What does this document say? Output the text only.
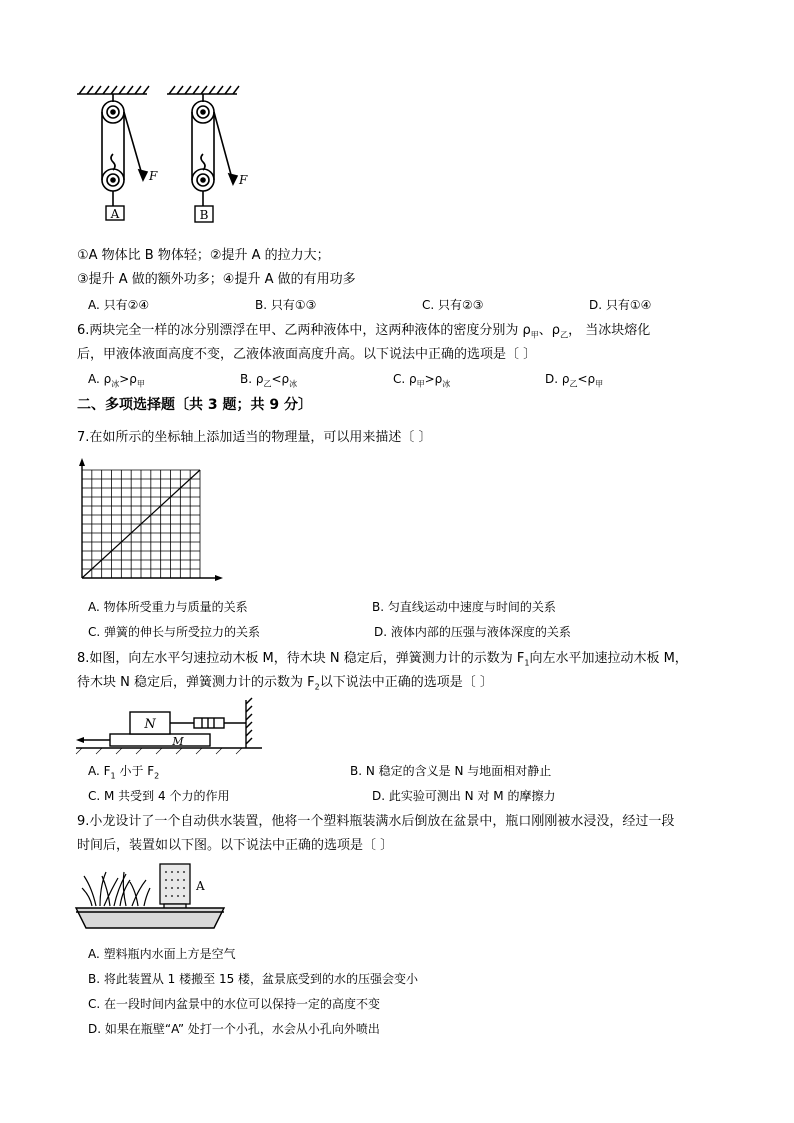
A
F
B
F
①A 物体比 B 物体轻；②提升 A 的拉力大；
③提升 A 做的额外功多；④提升 A 做的有用功多
A. 只有②④	B. 只有①③	C. 只有②③	D. 只有①④
6.两块完全一样的冰分别漂浮在甲、乙两种液体中，这两种液体的密度分别为 $\rho_甲$、$\rho_乙$， 当冰块熔化
后，甲液体液面高度不变，乙液体液面高度升高。以下说法中正确的选项是〔 〕
A. $\rho_冰>\rho_甲$	B. $\rho_乙<\rho_冰$	C. $\rho_甲>\rho_冰$	D. $\rho_乙<\rho_甲$
二、多项选择题〔共 3 题；共 9 分〕
7.在如所示的坐标轴上添加适当的物理量，可以用来描述〔 〕
A. 物体所受重力与质量的关系	B. 匀直线运动中速度与时间的关系
C. 弹簧的伸长与所受拉力的关系	D. 液体内部的压强与液体深度的关系
8.如图，向左水平匀速拉动木板 M，待木块 N 稳定后，弹簧测力计的示数为 $F_1$向左水平加速拉动木板 M，
待木块 N 稳定后，弹簧测力计的示数为 $F_2$以下说法中正确的选项是〔 〕
N
M
A. $F_1$ 小于 $F_2$	B. N 稳定的含义是 N 与地面相对静止
C. M 共受到 4 个力的作用	D. 此实验可测出 N 对 M 的摩擦力
9.小龙设计了一个自动供水装置，他将一个塑料瓶装满水后倒放在盆景中，瓶口刚刚被水浸没，经过一段
时间后，装置如以下图。以下说法中正确的选项是〔 〕
A
A. 塑料瓶内水面上方是空气
B. 将此装置从 1 楼搬至 15 楼，盆景底受到的水的压强会变小
C. 在一段时间内盆景中的水位可以保持一定的高度不变
D. 如果在瓶壁“A” 处打一个小孔，水会从小孔向外喷出
